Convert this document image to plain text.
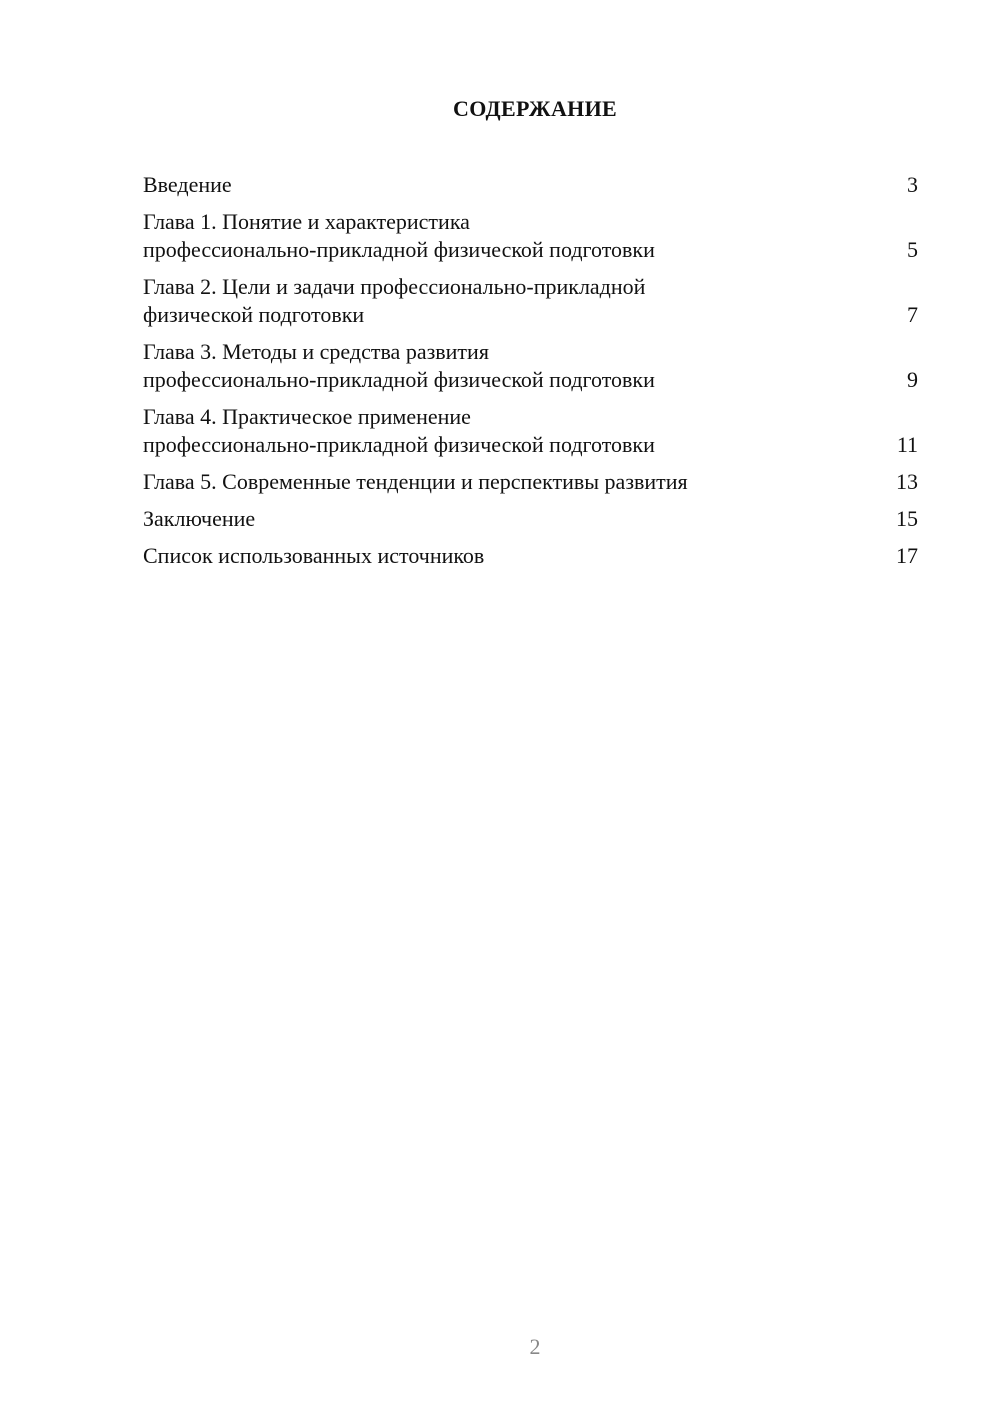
СОДЕРЖАНИЕ
Введение	3
Глава 1. Понятие и характеристика
профессионально-прикладной физической подготовки	5
Глава 2. Цели и задачи профессионально-прикладной
физической подготовки	7
Глава 3. Методы и средства развития
профессионально-прикладной физической подготовки	9
Глава 4. Практическое применение
профессионально-прикладной физической подготовки	11
Глава 5. Современные тенденции и перспективы развития	13
Заключение	15
Список использованных источников	17
2
